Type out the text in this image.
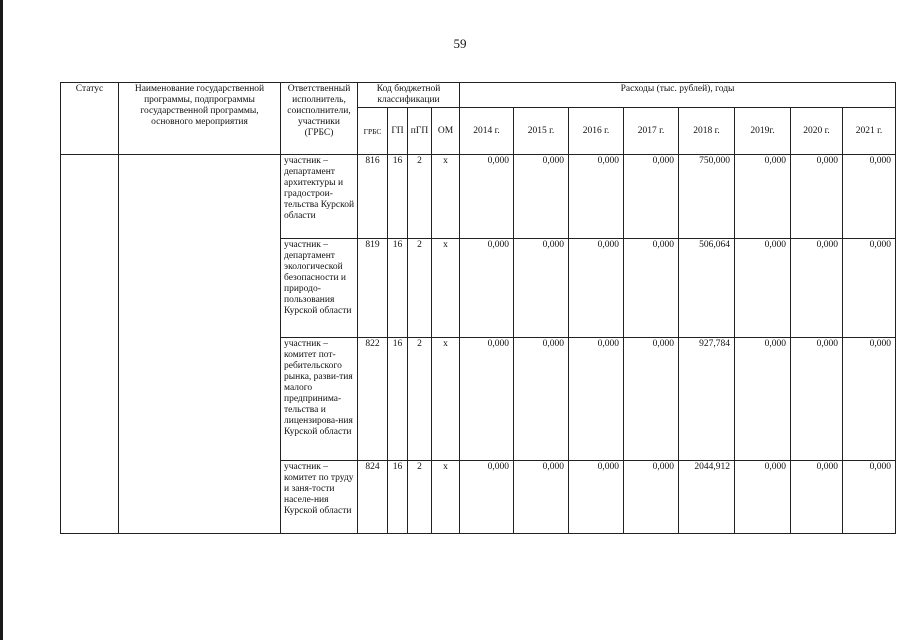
59
Статус	Наименование государственной программы, подпрограммы государственной программы, основного мероприятия	Ответственный исполнитель, соисполнители, участники (ГРБС)	Код бюджетной классификации				Расходы (тыс. рублей), годы							
			ГРБС	ГП	пГП	ОМ	2014 г.	2015 г.	2016 г.	2017 г.	2018 г.	2019г.	2020 г.	2021 г.
		участник – департамент архитектуры и градострои-тельства Курской области	816	16	2	х	0,000	0,000	0,000	0,000	750,000	0,000	0,000	0,000
		участник – департамент экологической безопасности и природо-пользования Курской области	819	16	2	х	0,000	0,000	0,000	0,000	506,064	0,000	0,000	0,000
		участник – комитет пот-ребительского рынка, разви-тия малого предпринима-тельства и лицензирова-ния Курской области	822	16	2	х	0,000	0,000	0,000	0,000	927,784	0,000	0,000	0,000
		участник – комитет по труду и заня-тости населе-ния Курской области	824	16	2	х	0,000	0,000	0,000	0,000	2044,912	0,000	0,000	0,000
